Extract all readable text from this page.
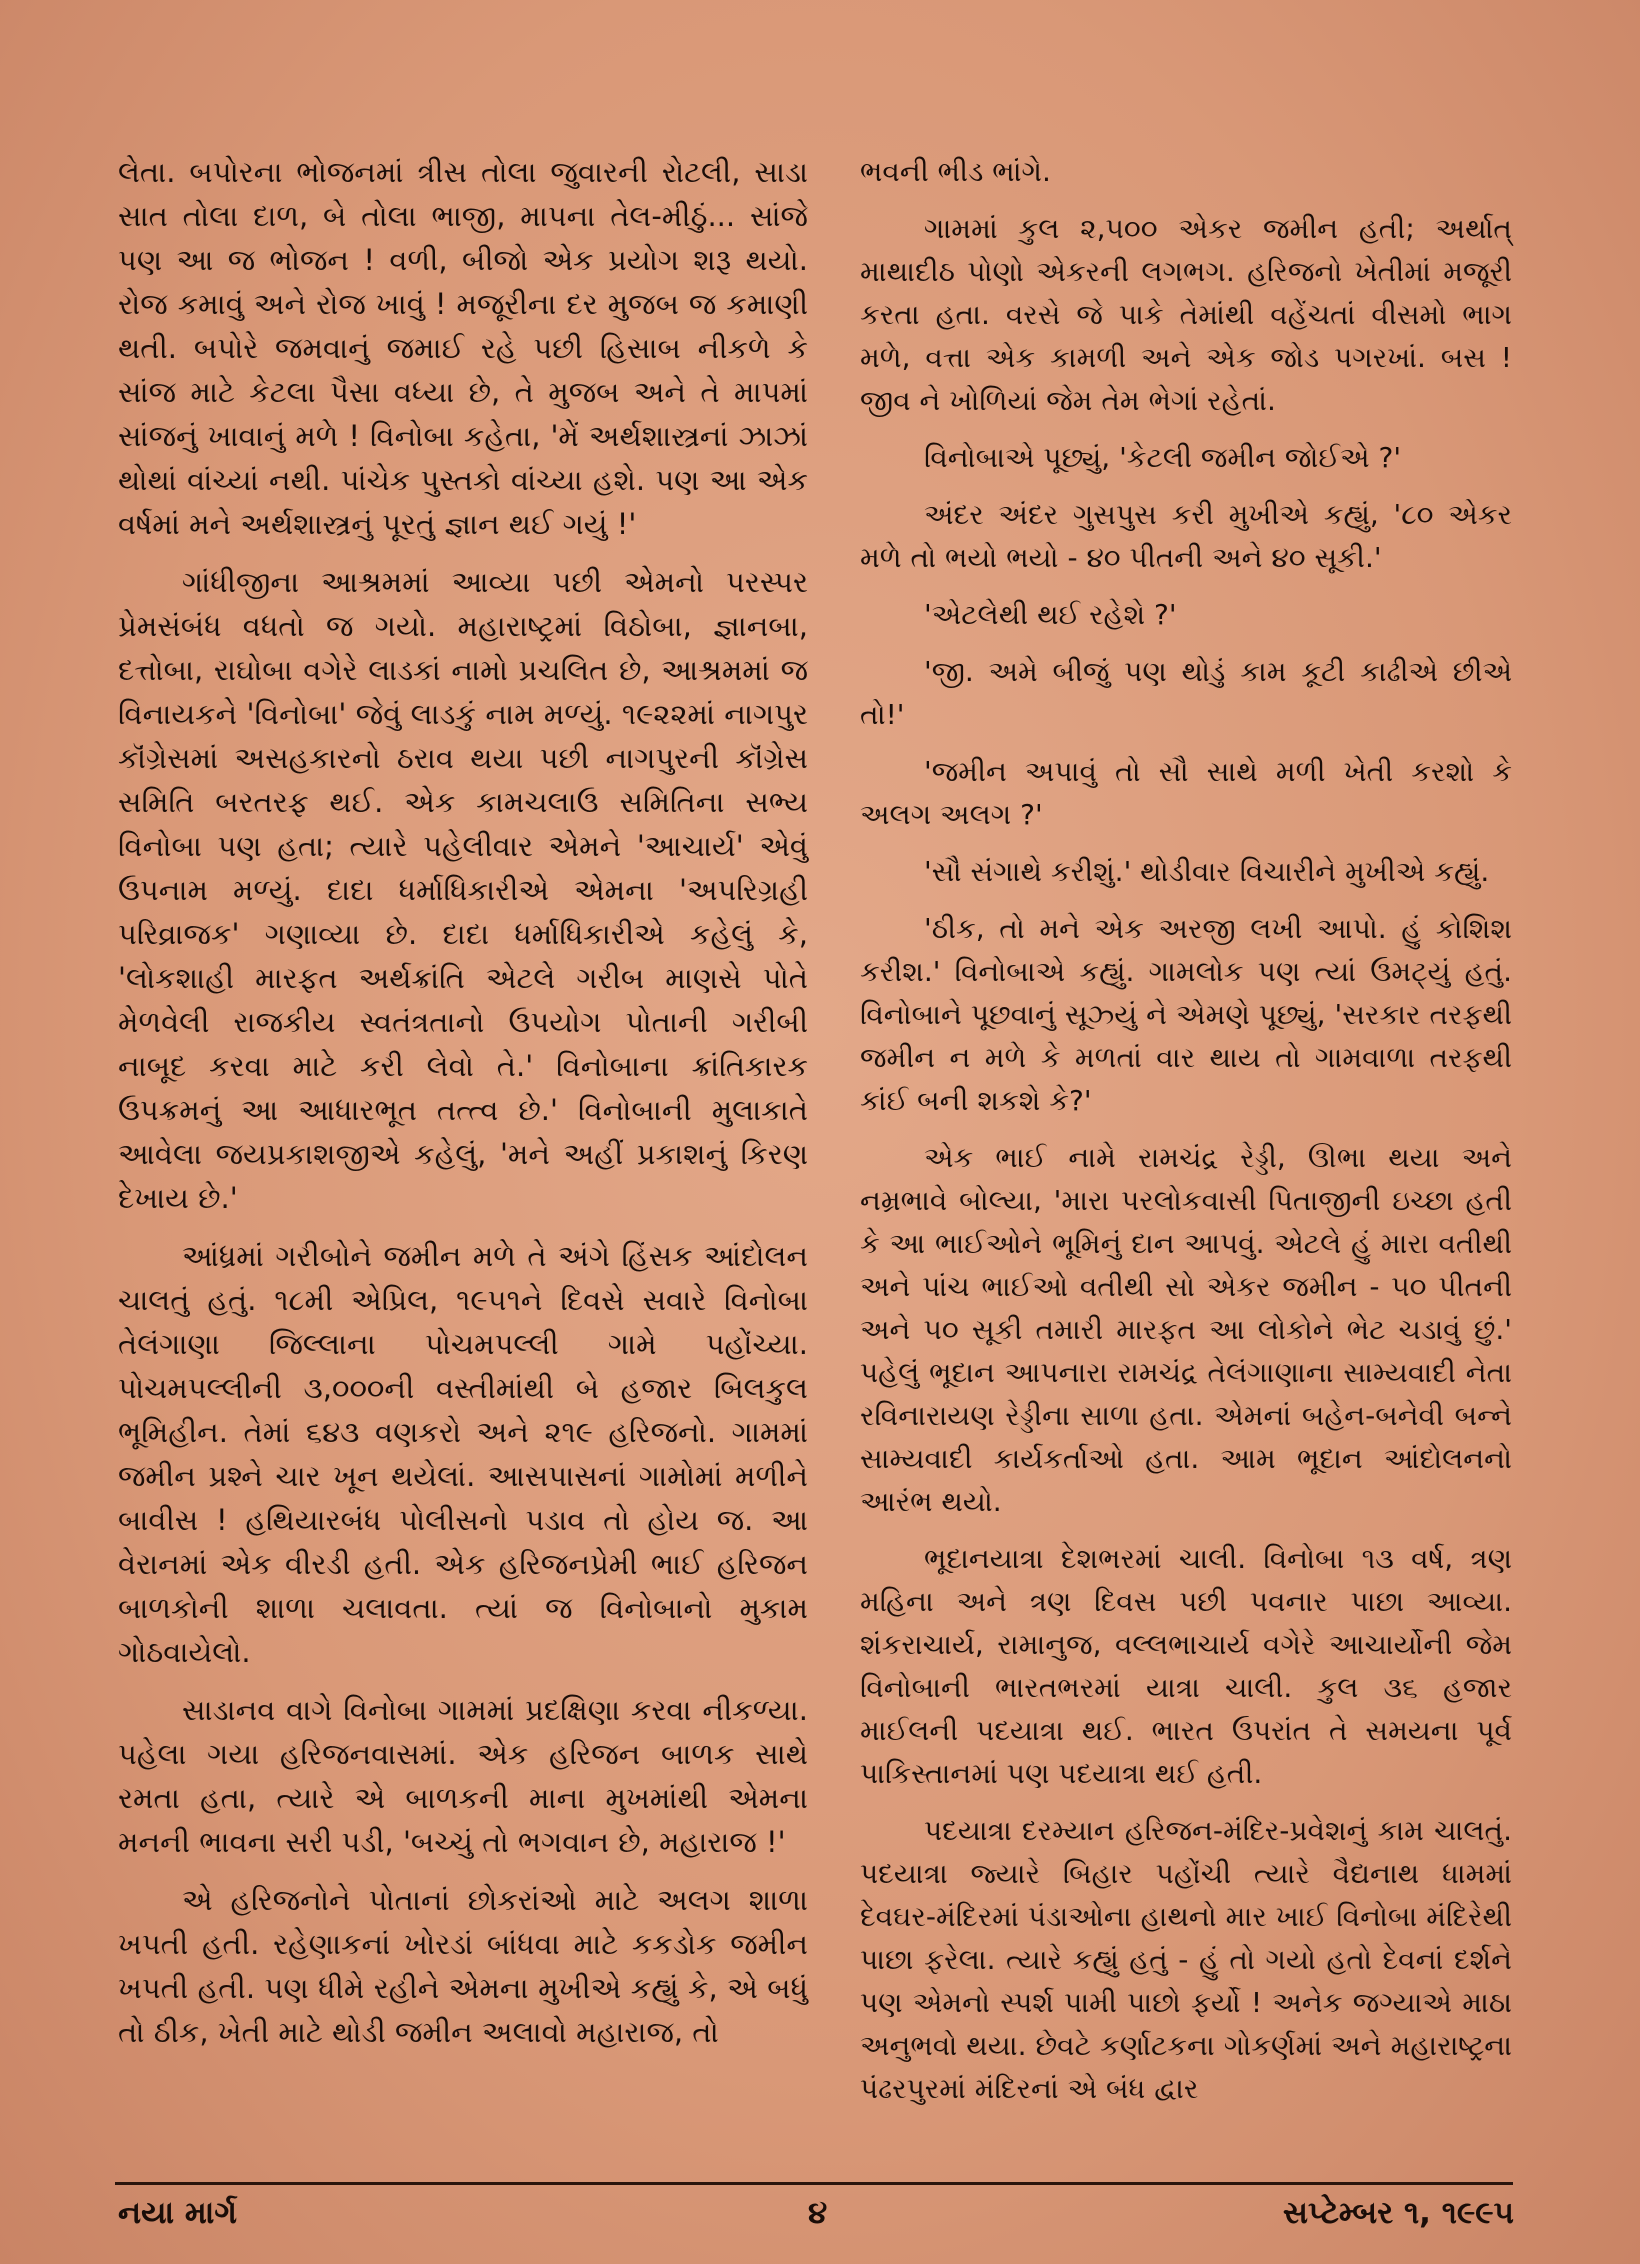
લેતા. બપોરના ભોજનમાં ત્રીસ તોલા જુવારની રોટલી, સાડા સાત તોલા દાળ, બે તોલા ભાજી, માપના તેલ-મીઠું... સાંજે પણ આ જ ભોજન ! વળી, બીજો એક પ્રયોગ શરૂ થયો. રોજ કમાવું અને રોજ ખાવું ! મજૂરીના દર મુજબ જ કમાણી થતી. બપોરે જમવાનું જમાઈ રહે પછી હિસાબ નીકળે કે સાંજ માટે કેટલા પૈસા વધ્યા છે, તે મુજબ અને તે માપમાં સાંજનું ખાવાનું મળે ! વિનોબા કહેતા, 'મેં અર્થશાસ્ત્રનાં ઝાઝાં થોથાં વાંચ્યાં નથી. પાંચેક પુસ્તકો વાંચ્યા હશે. પણ આ એક વર્ષમાં મને અર્થશાસ્ત્રનું પૂરતું જ્ઞાન થઈ ગયું !'

ગાંધીજીના આશ્રમમાં આવ્યા પછી એમનો પરસ્પર પ્રેમસંબંધ વધતો જ ગયો. મહારાષ્ટ્રમાં વિઠોબા, જ્ઞાનબા, દત્તોબા, રાઘોબા વગેરે લાડકાં નામો પ્રચલિત છે, આશ્રમમાં જ વિનાયકને 'વિનોબા' જેવું લાડકું નામ મળ્યું. ૧૯૨૨માં નાગપુર કૉંગ્રેસમાં અસહકારનો ઠરાવ થયા પછી નાગપુરની કૉંગ્રેસ સમિતિ બરતરફ થઈ. એક કામચલાઉ સમિતિના સભ્ય વિનોબા પણ હતા; ત્યારે પહેલીવાર એમને 'આચાર્ય' એવું ઉપનામ મળ્યું. દાદા ધર્માધિકારીએ એમના 'અપરિગ્રહી પરિવ્રાજક' ગણાવ્યા છે. દાદા ધર્માધિકારીએ કહેલું કે, 'લોકશાહી મારફત અર્થક્રાંતિ એટલે ગરીબ માણસે પોતે મેળવેલી રાજકીય સ્વતંત્રતાનો ઉપયોગ પોતાની ગરીબી નાબૂદ કરવા માટે કરી લેવો તે.' વિનોબાના ક્રાંતિકારક ઉપક્રમનું આ આધારભૂત તત્ત્વ છે.' વિનોબાની મુલાકાતે આવેલા જયપ્રકાશજીએ કહેલું, 'મને અહીં પ્રકાશનું કિરણ દેખાય છે.'

આંધ્રમાં ગરીબોને જમીન મળે તે અંગે હિંસક આંદોલન ચાલતું હતું. ૧૮મી એપ્રિલ, ૧૯૫૧ને દિવસે સવારે વિનોબા તેલંગાણા જિલ્લાના પોચમપલ્લી ગામે પહોંચ્યા. પોચમપલ્લીની ૩,૦૦૦ની વસ્તીમાંથી બે હજાર બિલકુલ ભૂમિહીન. તેમાં ૬૪૩ વણકરો અને ૨૧૯ હરિજનો. ગામમાં જમીન પ્રશ્ને ચાર ખૂન થયેલાં. આસપાસનાં ગામોમાં મળીને બાવીસ ! હથિયારબંધ પોલીસનો પડાવ તો હોય જ. આ વેરાનમાં એક વીરડી હતી. એક હરિજનપ્રેમી ભાઈ હરિજન બાળકોની શાળા ચલાવતા. ત્યાં જ વિનોબાનો મુકામ ગોઠવાયેલો.

સાડાનવ વાગે વિનોબા ગામમાં પ્રદક્ષિણા કરવા નીકળ્યા. પહેલા ગયા હરિજનવાસમાં. એક હરિજન બાળક સાથે રમતા હતા, ત્યારે એ બાળકની માના મુખમાંથી એમના મનની ભાવના સરી પડી, 'બચ્ચું તો ભગવાન છે, મહારાજ !'

એ હરિજનોને પોતાનાં છોકરાંઓ માટે અલગ શાળા ખપતી હતી. રહેણાકનાં ખોરડાં બાંધવા માટે કકડોક જમીન ખપતી હતી. પણ ધીમે રહીને એમના મુખીએ કહ્યું કે, એ બધું તો ઠીક, ખેતી માટે થોડી જમીન અલાવો મહારાજ, તો

ભવની ભીડ ભાંગે.

ગામમાં કુલ ૨,૫૦૦ એકર જમીન હતી; અર્થાત્ માથાદીઠ પોણો એકરની લગભગ. હરિજનો ખેતીમાં મજૂરી કરતા હતા. વરસે જે પાકે તેમાંથી વહેંચતાં વીસમો ભાગ મળે, વત્તા એક કામળી અને એક જોડ પગરખાં. બસ ! જીવ ને ખોળિયાં જેમ તેમ ભેગાં રહેતાં.

વિનોબાએ પૂછ્યું, 'કેટલી જમીન જોઈએ ?'

અંદર અંદર ગુસપુસ કરી મુખીએ કહ્યું, '૮૦ એકર મળે તો ભયો ભયો - ૪૦ પીતની અને ૪૦ સૂકી.'

'એટલેથી થઈ રહેશે ?'

'જી. અમે બીજું પણ થોડું કામ કૂટી કાઢીએ છીએ તો!'

'જમીન અપાવું તો સૌ સાથે મળી ખેતી કરશો કે અલગ અલગ ?'

'સૌ સંગાથે કરીશું.' થોડીવાર વિચારીને મુખીએ કહ્યું.

'ઠીક, તો મને એક અરજી લખી આપો. હું કોશિશ કરીશ.' વિનોબાએ કહ્યું. ગામલોક પણ ત્યાં ઉમટ્યું હતું. વિનોબાને પૂછવાનું સૂઝ્યું ને એમણે પૂછ્યું, 'સરકાર તરફથી જમીન ન મળે કે મળતાં વાર થાય તો ગામવાળા તરફથી કાંઈ બની શકશે કે?'

એક ભાઈ નામે રામચંદ્ર રેડ્ડી, ઊભા થયા અને નમ્રભાવે બોલ્યા, 'મારા પરલોકવાસી પિતાજીની ઇચ્છા હતી કે આ ભાઈઓને ભૂમિનું દાન આપવું. એટલે હું મારા વતીથી અને પાંચ ભાઈઓ વતીથી સો એકર જમીન - ૫૦ પીતની અને ૫૦ સૂકી તમારી મારફત આ લોકોને ભેટ ચડાવું છું.' પહેલું ભૂદાન આપનારા રામચંદ્ર તેલંગાણાના સામ્યવાદી નેતા રવિનારાયણ રેડ્ડીના સાળા હતા. એમનાં બહેન-બનેવી બન્ને સામ્યવાદી કાર્યકર્તાઓ હતા. આમ ભૂદાન આંદોલનનો આરંભ થયો.

ભૂદાનયાત્રા દેશભરમાં ચાલી. વિનોબા ૧૩ વર્ષ, ત્રણ મહિના અને ત્રણ દિવસ પછી પવનાર પાછા આવ્યા. શંકરાચાર્ય, રામાનુજ, વલ્લભાચાર્ય વગેરે આચાર્યોની જેમ વિનોબાની ભારતભરમાં યાત્રા ચાલી. કુલ ૩૬ હજાર માઈલની પદયાત્રા થઈ. ભારત ઉપરાંત તે સમયના પૂર્વ પાકિસ્તાનમાં પણ પદયાત્રા થઈ હતી.

પદયાત્રા દરમ્યાન હરિજન-મંદિર-પ્રવેશનું કામ ચાલતું. પદયાત્રા જ્યારે બિહાર પહોંચી ત્યારે વૈદ્યનાથ ધામમાં દેવઘર-મંદિરમાં પંડાઓના હાથનો માર ખાઈ વિનોબા મંદિરેથી પાછા ફરેલા. ત્યારે કહ્યું હતું - હું તો ગયો હતો દેવનાં દર્શને પણ એમનો સ્પર્શ પામી પાછો ફર્યો ! અનેક જગ્યાએ માઠા અનુભવો થયા. છેવટે કર્ણાટકના ગોકર્ણમાં અને મહારાષ્ટ્રના પંઢરપુરમાં મંદિરનાં એ બંધ દ્વાર

નયા માર્ગ	૪	સપ્ટેમ્બર ૧, ૧૯૯૫
